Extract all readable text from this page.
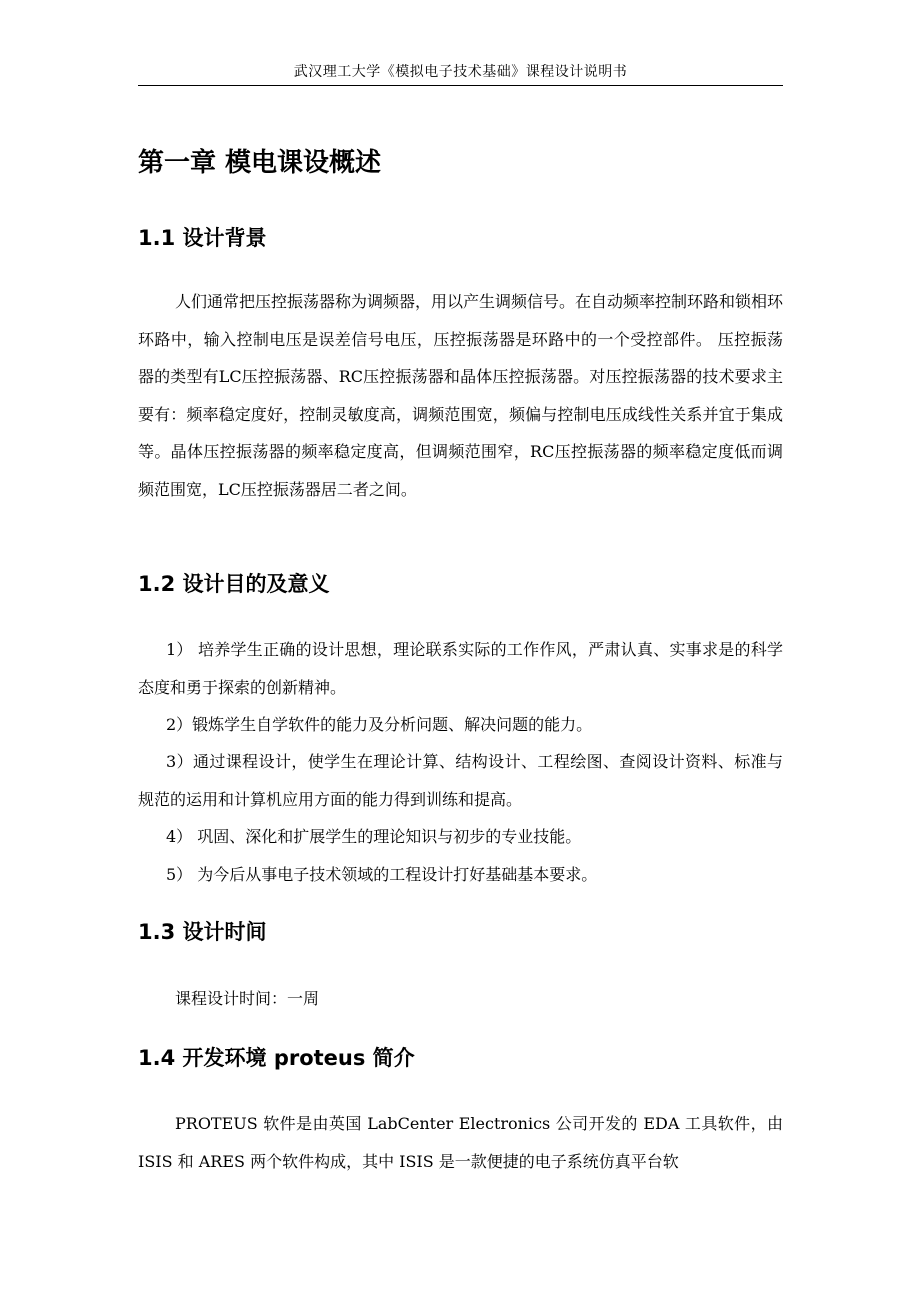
武汉理工大学《模拟电子技术基础》课程设计说明书
第一章 模电课设概述
1.1 设计背景

人们通常把压控振荡器称为调频器，用以产生调频信号。在自动频率控制环路和锁相环环路中，输入控制电压是误差信号电压，压控振荡器是环路中的一个受控部件。 压控振荡器的类型有LC压控振荡器、RC压控振荡器和晶体压控振荡器。对压控振荡器的技术要求主要有：频率稳定度好，控制灵敏度高，调频范围宽，频偏与控制电压成线性关系并宜于集成等。晶体压控振荡器的频率稳定度高，但调频范围窄，RC压控振荡器的频率稳定度低而调频范围宽，LC压控振荡器居二者之间。

1.2 设计目的及意义

1） 培养学生正确的设计思想，理论联系实际的工作作风，严肃认真、实事求是的科学态度和勇于探索的创新精神。

2）锻炼学生自学软件的能力及分析问题、解决问题的能力。

3）通过课程设计，使学生在理论计算、结构设计、工程绘图、查阅设计资料、标准与规范的运用和计算机应用方面的能力得到训练和提高。

4） 巩固、深化和扩展学生的理论知识与初步的专业技能。

5） 为今后从事电子技术领域的工程设计打好基础基本要求。

1.3 设计时间

课程设计时间：一周

1.4 开发环境 proteus 简介

PROTEUS 软件是由英国 LabCenter Electronics 公司开发的 EDA 工具软件，由 ISIS 和 ARES 两个软件构成，其中 ISIS 是一款便捷的电子系统仿真平台软
